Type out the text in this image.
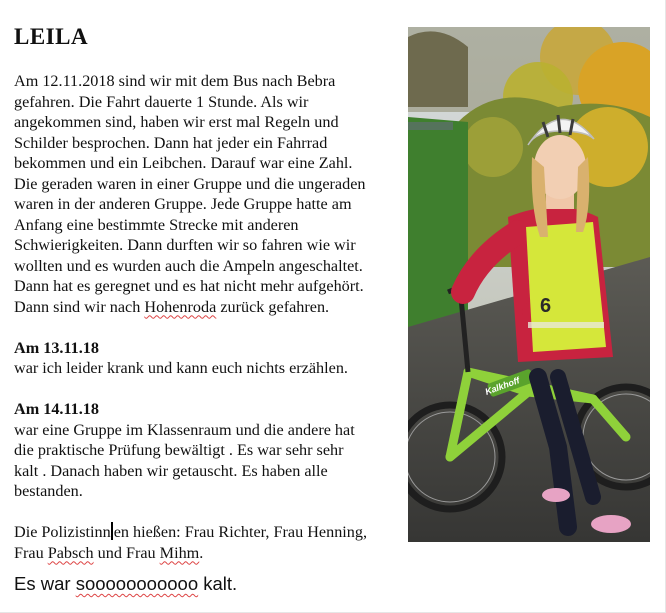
LEILA

Am 12.11.2018 sind wir mit dem Bus nach Bebra
gefahren. Die Fahrt dauerte 1 Stunde. Als wir
angekommen sind, haben wir erst mal Regeln und
Schilder besprochen. Dann hat jeder ein Fahrrad
bekommen und ein Leibchen. Darauf war eine Zahl.
Die geraden waren in einer Gruppe und die ungeraden
waren in der anderen Gruppe. Jede Gruppe hatte am
Anfang eine bestimmte Strecke mit anderen
Schwierigkeiten. Dann durften wir so fahren wie wir
wollten und es wurden auch die Ampeln angeschaltet.
Dann hat es geregnet und es hat nicht mehr aufgehört.
Dann sind wir nach Hohenroda zurück gefahren.

Am 13.11.18
war ich leider krank und kann euch nichts erzählen.

Am 14.11.18
war eine Gruppe im Klassenraum und die andere hat
die praktische Prüfung bewältigt . Es war sehr sehr
kalt . Danach haben wir getauscht. Es haben alle
bestanden.

Die Polizistinn en hießen: Frau Richter, Frau Henning,
Frau Pabsch und Frau Mihm.

Es war sooooooooooo kalt.

Kalkhoff
6
